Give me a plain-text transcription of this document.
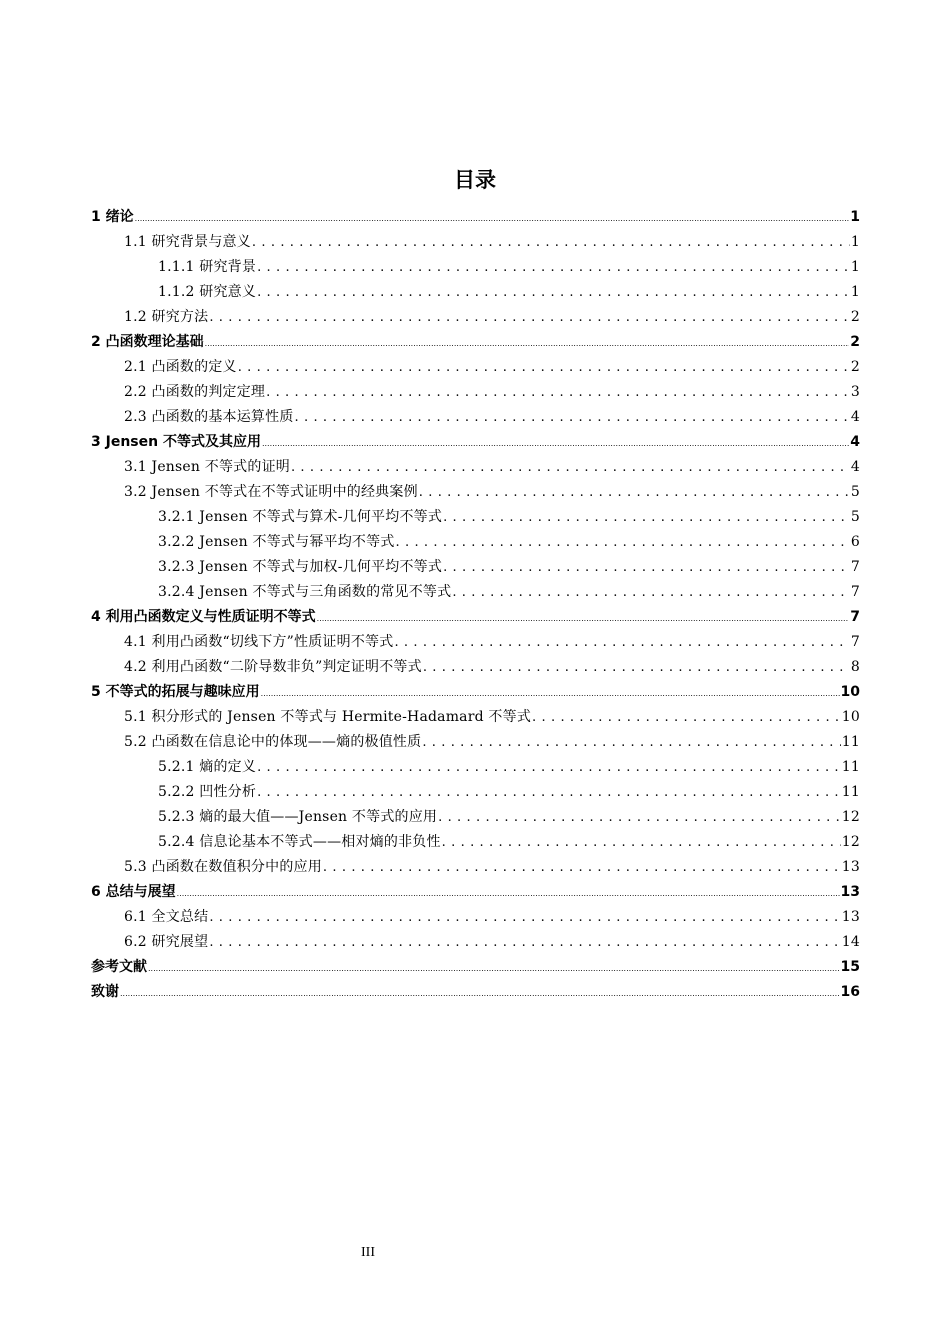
目录
1 绪论 .....	1
1.1 研究背景与意义 . . .	1
1.1.1 研究背景 . . .	1
1.1.2 研究意义 . . .	1
1.2 研究方法 . . .	2
2 凸函数理论基础 .....	2
2.1 凸函数的定义 . . .	2
2.2 凸函数的判定定理 . . .	3
2.3 凸函数的基本运算性质 . . .	4
3 Jensen 不等式及其应用 .....	4
3.1 Jensen 不等式的证明 . . .	4
3.2 Jensen 不等式在不等式证明中的经典案例 . . .	5
3.2.1 Jensen 不等式与算术-几何平均不等式 . . .	5
3.2.2 Jensen 不等式与幂平均不等式 . . .	6
3.2.3 Jensen 不等式与加权-几何平均不等式 . . .	7
3.2.4 Jensen 不等式与三角函数的常见不等式 . . .	7
4 利用凸函数定义与性质证明不等式 .....	7
4.1 利用凸函数“切线下方”性质证明不等式 . . .	7
4.2 利用凸函数“二阶导数非负”判定证明不等式 . . .	8
5 不等式的拓展与趣味应用 .....	10
5.1 积分形式的 Jensen 不等式与 Hermite-Hadamard 不等式 . . .	10
5.2 凸函数在信息论中的体现——熵的极值性质 . . .	11
5.2.1 熵的定义 . . .	11
5.2.2 凹性分析 . . .	11
5.2.3 熵的最大值——Jensen 不等式的应用 . . .	12
5.2.4 信息论基本不等式——相对熵的非负性 . . .	12
5.3 凸函数在数值积分中的应用 . . .	13
6 总结与展望 .....	13
6.1 全文总结 . . .	13
6.2 研究展望 . . .	14
参考文献 .....	15
致谢 .....	16
III
